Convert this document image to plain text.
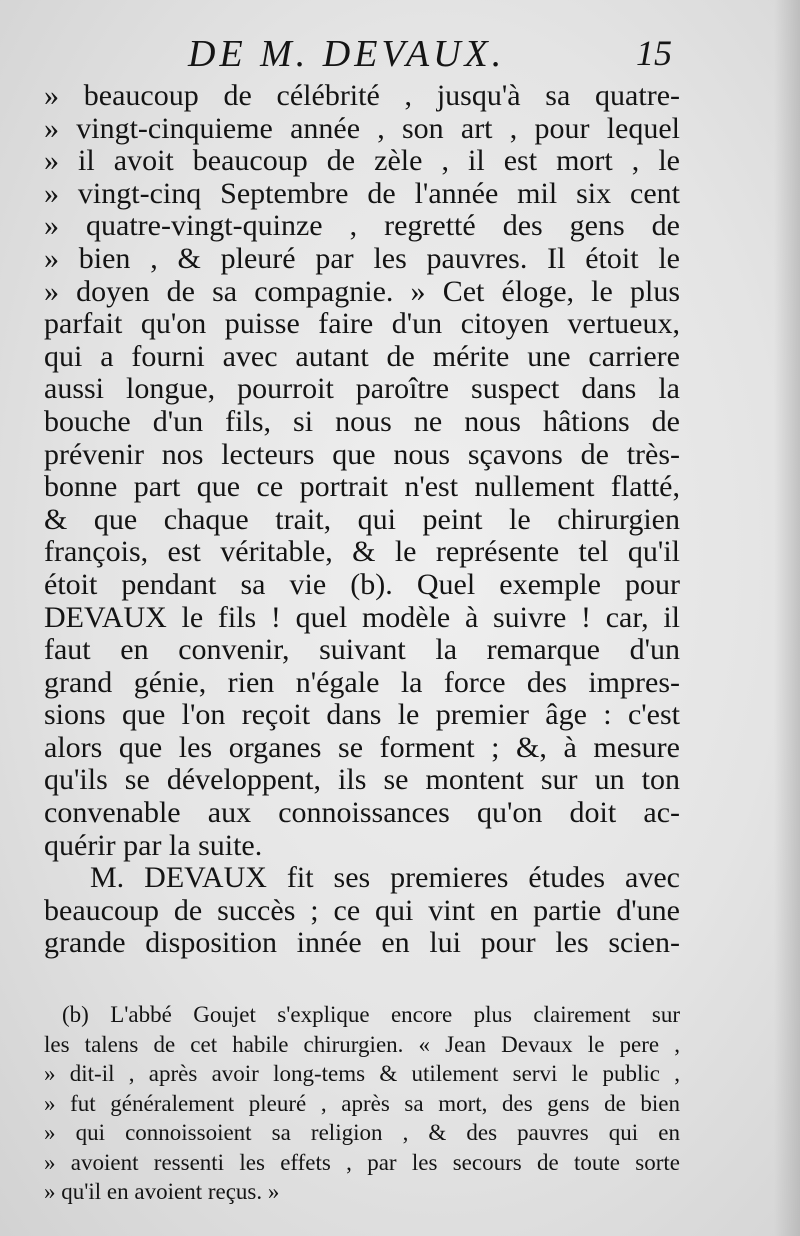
DE M. DEVAUX.	15
» beaucoup de célébrité , jusqu'à sa quatre-
» vingt-cinquieme année , son art , pour lequel
» il avoit beaucoup de zèle , il est mort , le
» vingt-cinq Septembre de l'année mil six cent
» quatre-vingt-quinze , regretté des gens de
» bien , & pleuré par les pauvres. Il étoit le
» doyen de sa compagnie. » Cet éloge, le plus
parfait qu'on puisse faire d'un citoyen vertueux,
qui a fourni avec autant de mérite une carriere
aussi longue, pourroit paroître suspect dans la
bouche d'un fils, si nous ne nous hâtions de
prévenir nos lecteurs que nous sçavons de très-
bonne part que ce portrait n'est nullement flatté,
& que chaque trait, qui peint le chirurgien
françois, est véritable, & le représente tel qu'il
étoit pendant sa vie (b). Quel exemple pour
DEVAUX le fils ! quel modèle à suivre ! car, il
faut en convenir, suivant la remarque d'un
grand génie, rien n'égale la force des impres-
sions que l'on reçoit dans le premier âge : c'est
alors que les organes se forment ; &, à mesure
qu'ils se développent, ils se montent sur un ton
convenable aux connoissances qu'on doit ac-
quérir par la suite.
M. DEVAUX fit ses premieres études avec
beaucoup de succès ; ce qui vint en partie d'une
grande disposition innée en lui pour les scien-
(b) L'abbé Goujet s'explique encore plus clairement sur
les talens de cet habile chirurgien. « Jean Devaux le pere ,
» dit-il , après avoir long-tems & utilement servi le public ,
» fut généralement pleuré , après sa mort, des gens de bien
» qui connoissoient sa religion , & des pauvres qui en
» avoient ressenti les effets , par les secours de toute sorte
» qu'il en avoient reçus. »
